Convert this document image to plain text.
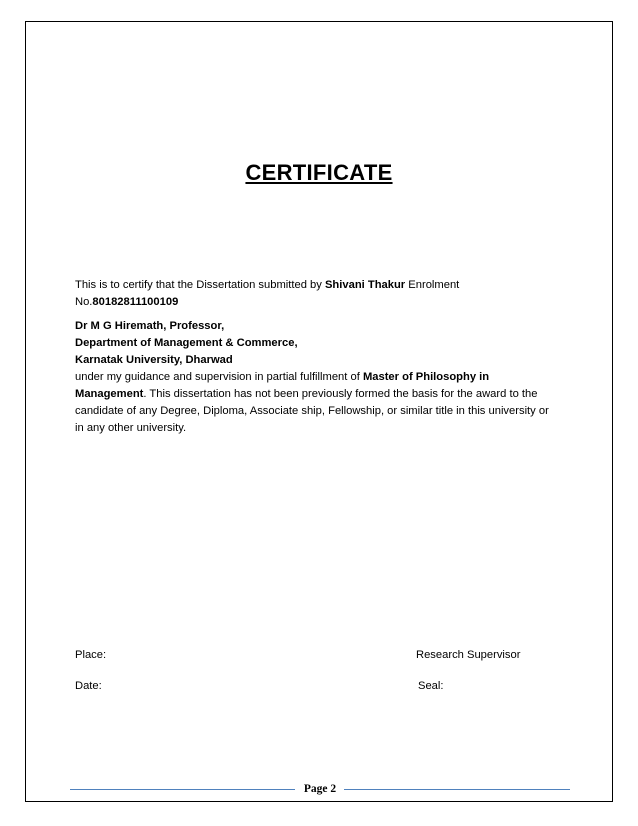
CERTIFICATE
This is to certify that the Dissertation submitted by Shivani Thakur Enrolment
No.80182811100109
Dr M G Hiremath, Professor,
Department of Management & Commerce,
Karnatak University, Dharwad
under my guidance and supervision in partial fulfillment of Master of Philosophy in
Management. This dissertation has not been previously formed the basis for the award to the
candidate of any Degree, Diploma, Associate ship, Fellowship, or similar title in this university or
in any other university.
Place:
Date:
Research Supervisor
Seal:
Page 2
